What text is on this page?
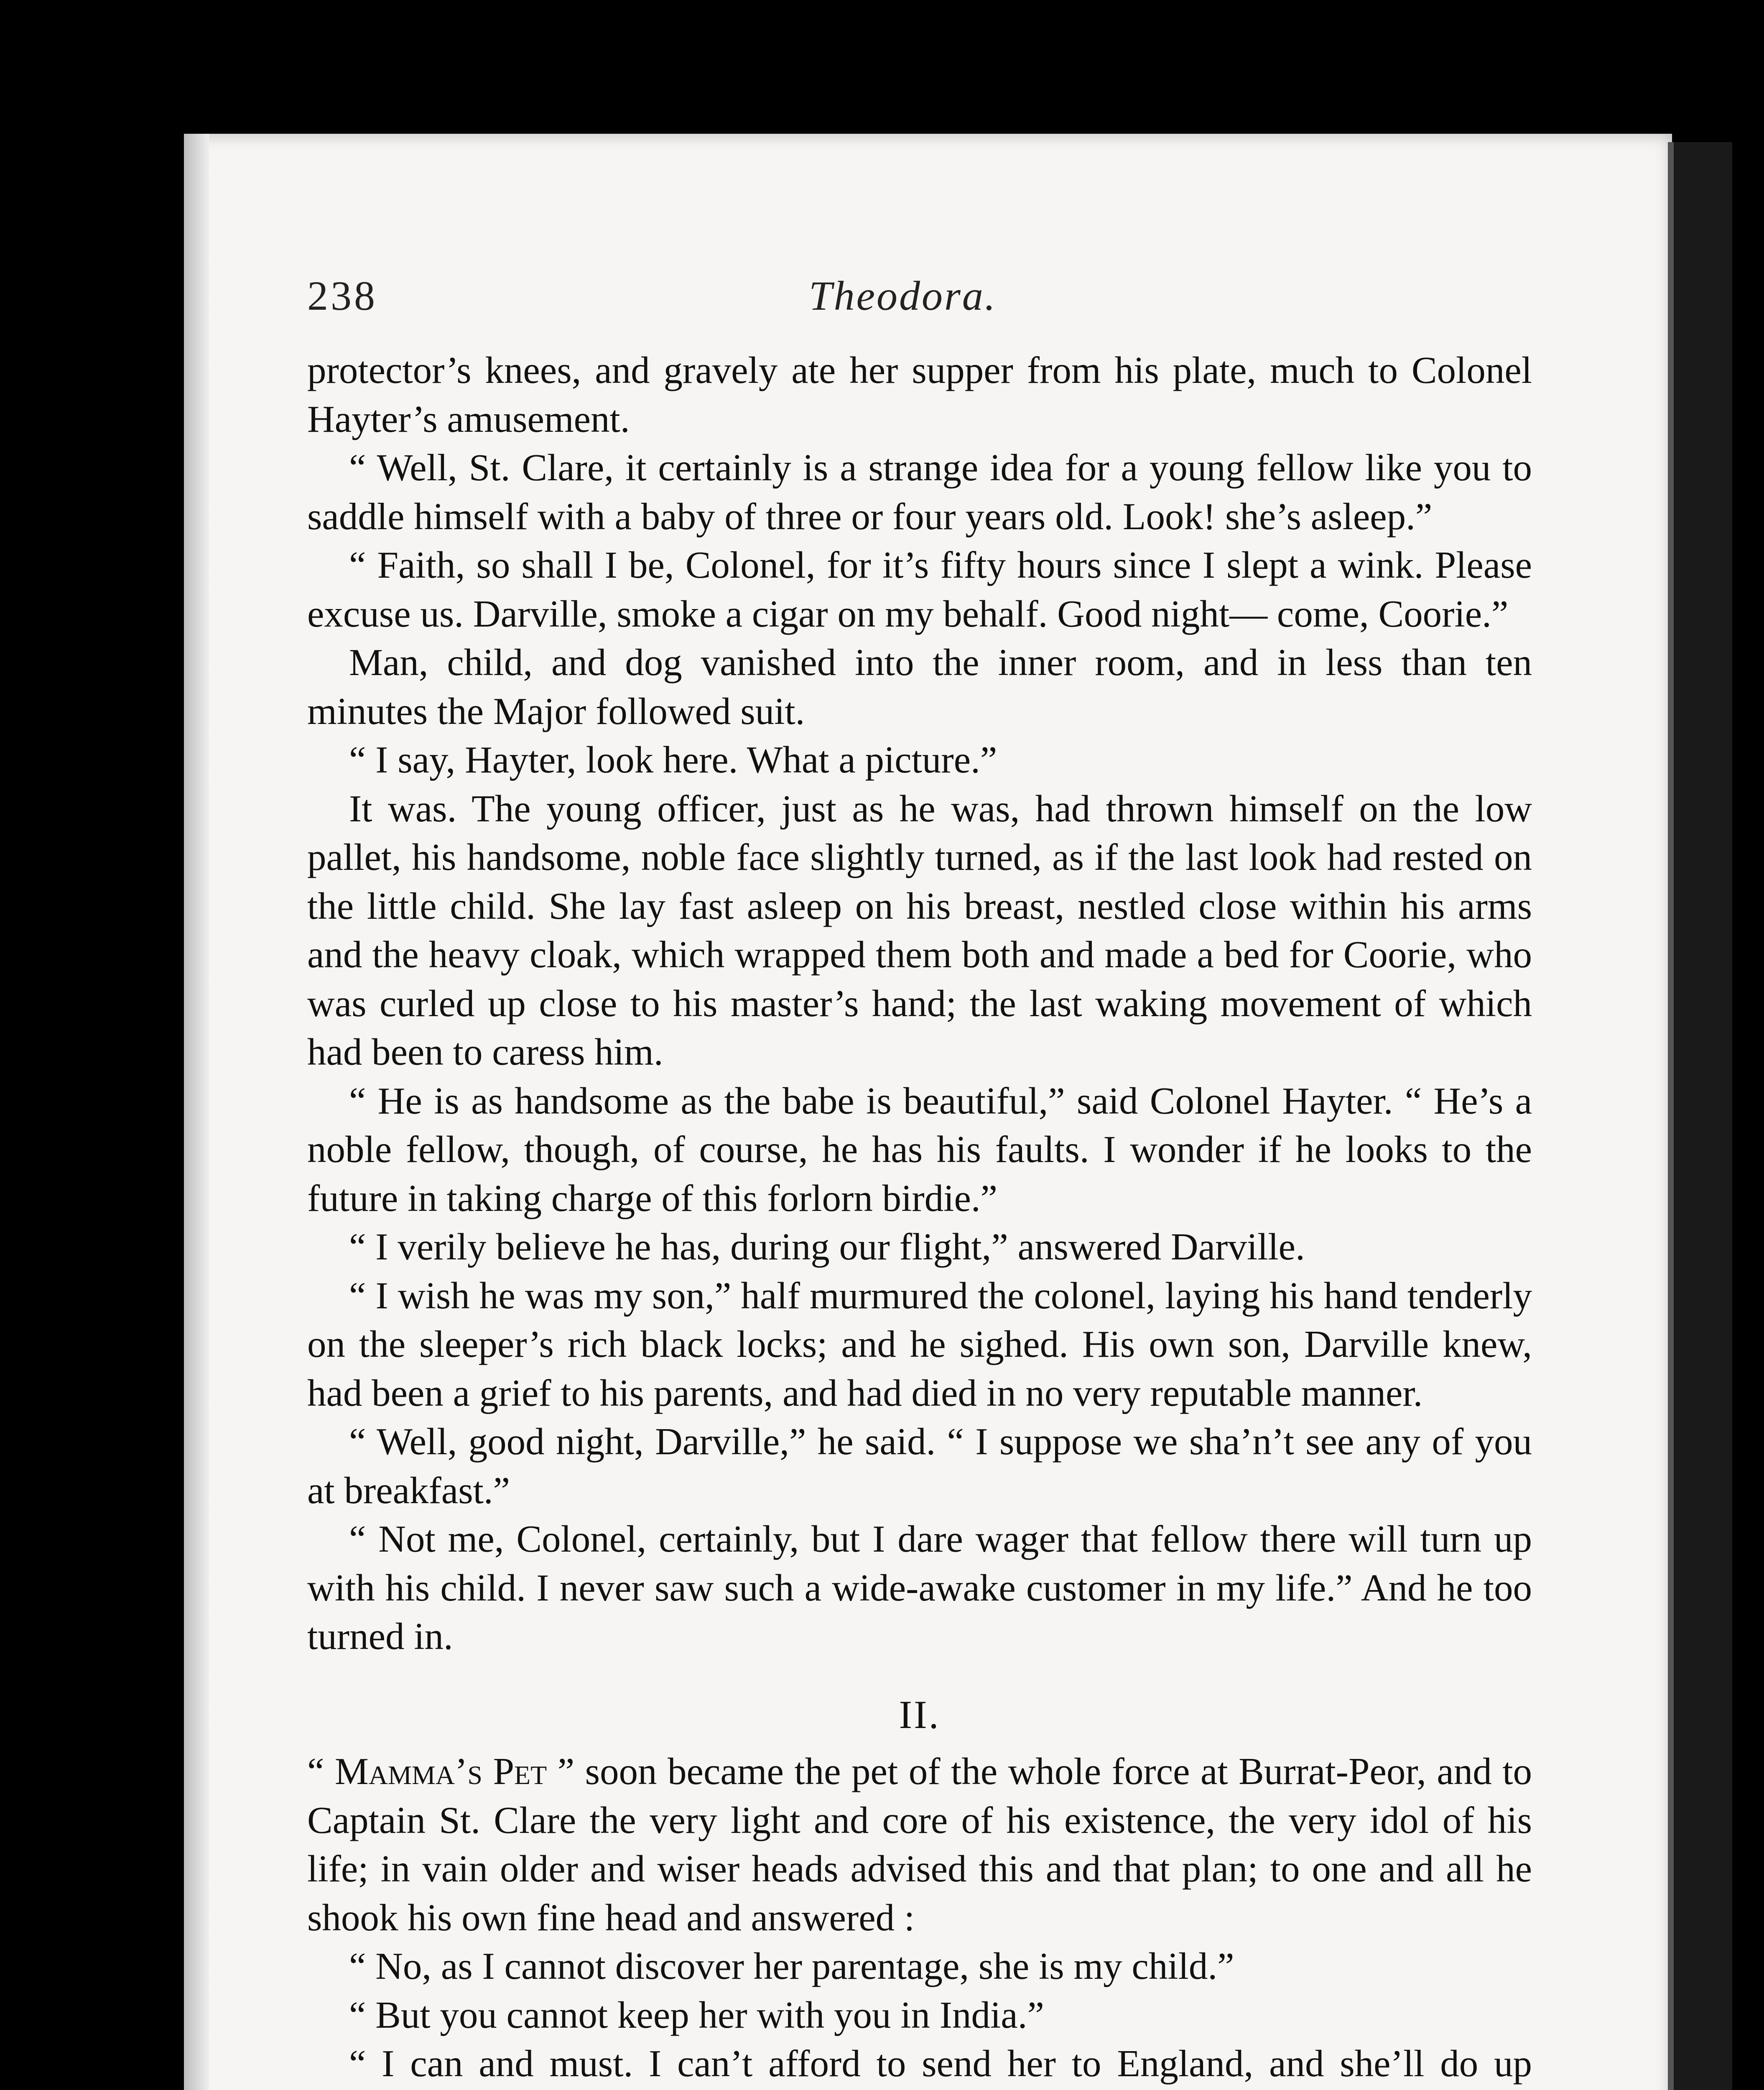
238	Theodora.

protector’s knees, and gravely ate her supper from his plate, much to Colonel Hayter’s amusement.

“ Well, St. Clare, it certainly is a strange idea for a young fellow like you to saddle himself with a baby of three or four years old. Look! she’s asleep.”

“ Faith, so shall I be, Colonel, for it’s fifty hours since I slept a wink. Please excuse us. Darville, smoke a cigar on my behalf. Good night— come, Coorie.”

Man, child, and dog vanished into the inner room, and in less than ten minutes the Major followed suit.

“ I say, Hayter, look here. What a picture.”

It was. The young officer, just as he was, had thrown himself on the low pallet, his handsome, noble face slightly turned, as if the last look had rested on the little child. She lay fast asleep on his breast, nestled close within his arms and the heavy cloak, which wrapped them both and made a bed for Coorie, who was curled up close to his master’s hand; the last waking movement of which had been to caress him.

“ He is as handsome as the babe is beautiful,” said Colonel Hayter. “ He’s a noble fellow, though, of course, he has his faults. I wonder if he looks to the future in taking charge of this forlorn birdie.”

“ I verily believe he has, during our flight,” answered Darville.

“ I wish he was my son,” half murmured the colonel, laying his hand tenderly on the sleeper’s rich black locks; and he sighed. His own son, Darville knew, had been a grief to his parents, and had died in no very reputable manner.

“ Well, good night, Darville,” he said. “ I suppose we sha’n’t see any of you at breakfast.”

“ Not me, Colonel, certainly, but I dare wager that fellow there will turn up with his child. I never saw such a wide-awake customer in my life.” And he too turned in.

II.

“ Mamma’s Pet ” soon became the pet of the whole force at Burrat-Peor, and to Captain St. Clare the very light and core of his existence, the very idol of his life; in vain older and wiser heads advised this and that plan; to one and all he shook his own fine head and answered :

“ No, as I cannot discover her parentage, she is my child.”

“ But you cannot keep her with you in India.”

“ I can and must. I can’t afford to send her to England, and she’ll do up
